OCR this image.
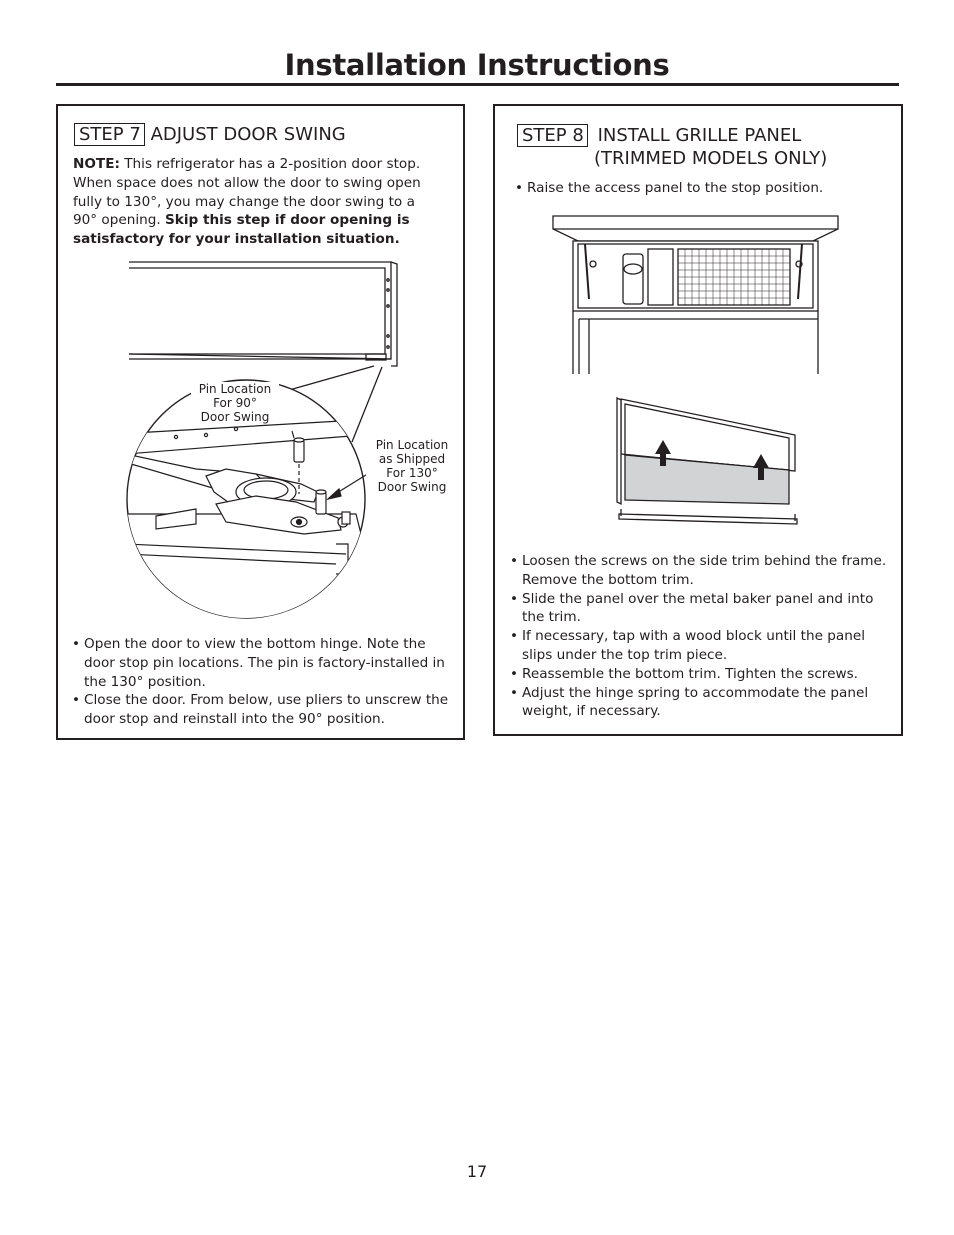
Installation Instructions
STEP 7 ADJUST DOOR SWING
NOTE: This refrigerator has a 2-position door stop. When space does not allow the door to swing open fully to 130°, you may change the door swing to a 90° opening. Skip this step if door opening is satisfactory for your installation situation.
Pin Location
For 90°
Door Swing
Pin Location
as Shipped
For 130°
Door Swing
• Open the door to view the bottom hinge. Note the door stop pin locations. The pin is factory-installed in the 130° position.
• Close the door. From below, use pliers to unscrew the door stop and reinstall into the 90° position.
STEP 8 INSTALL GRILLE PANEL
(TRIMMED MODELS ONLY)
• Raise the access panel to the stop position.
• Loosen the screws on the side trim behind the frame. Remove the bottom trim.
• Slide the panel over the metal baker panel and into the trim.
• If necessary, tap with a wood block until the panel slips under the top trim piece.
• Reassemble the bottom trim. Tighten the screws.
• Adjust the hinge spring to accommodate the panel weight, if necessary.
17
